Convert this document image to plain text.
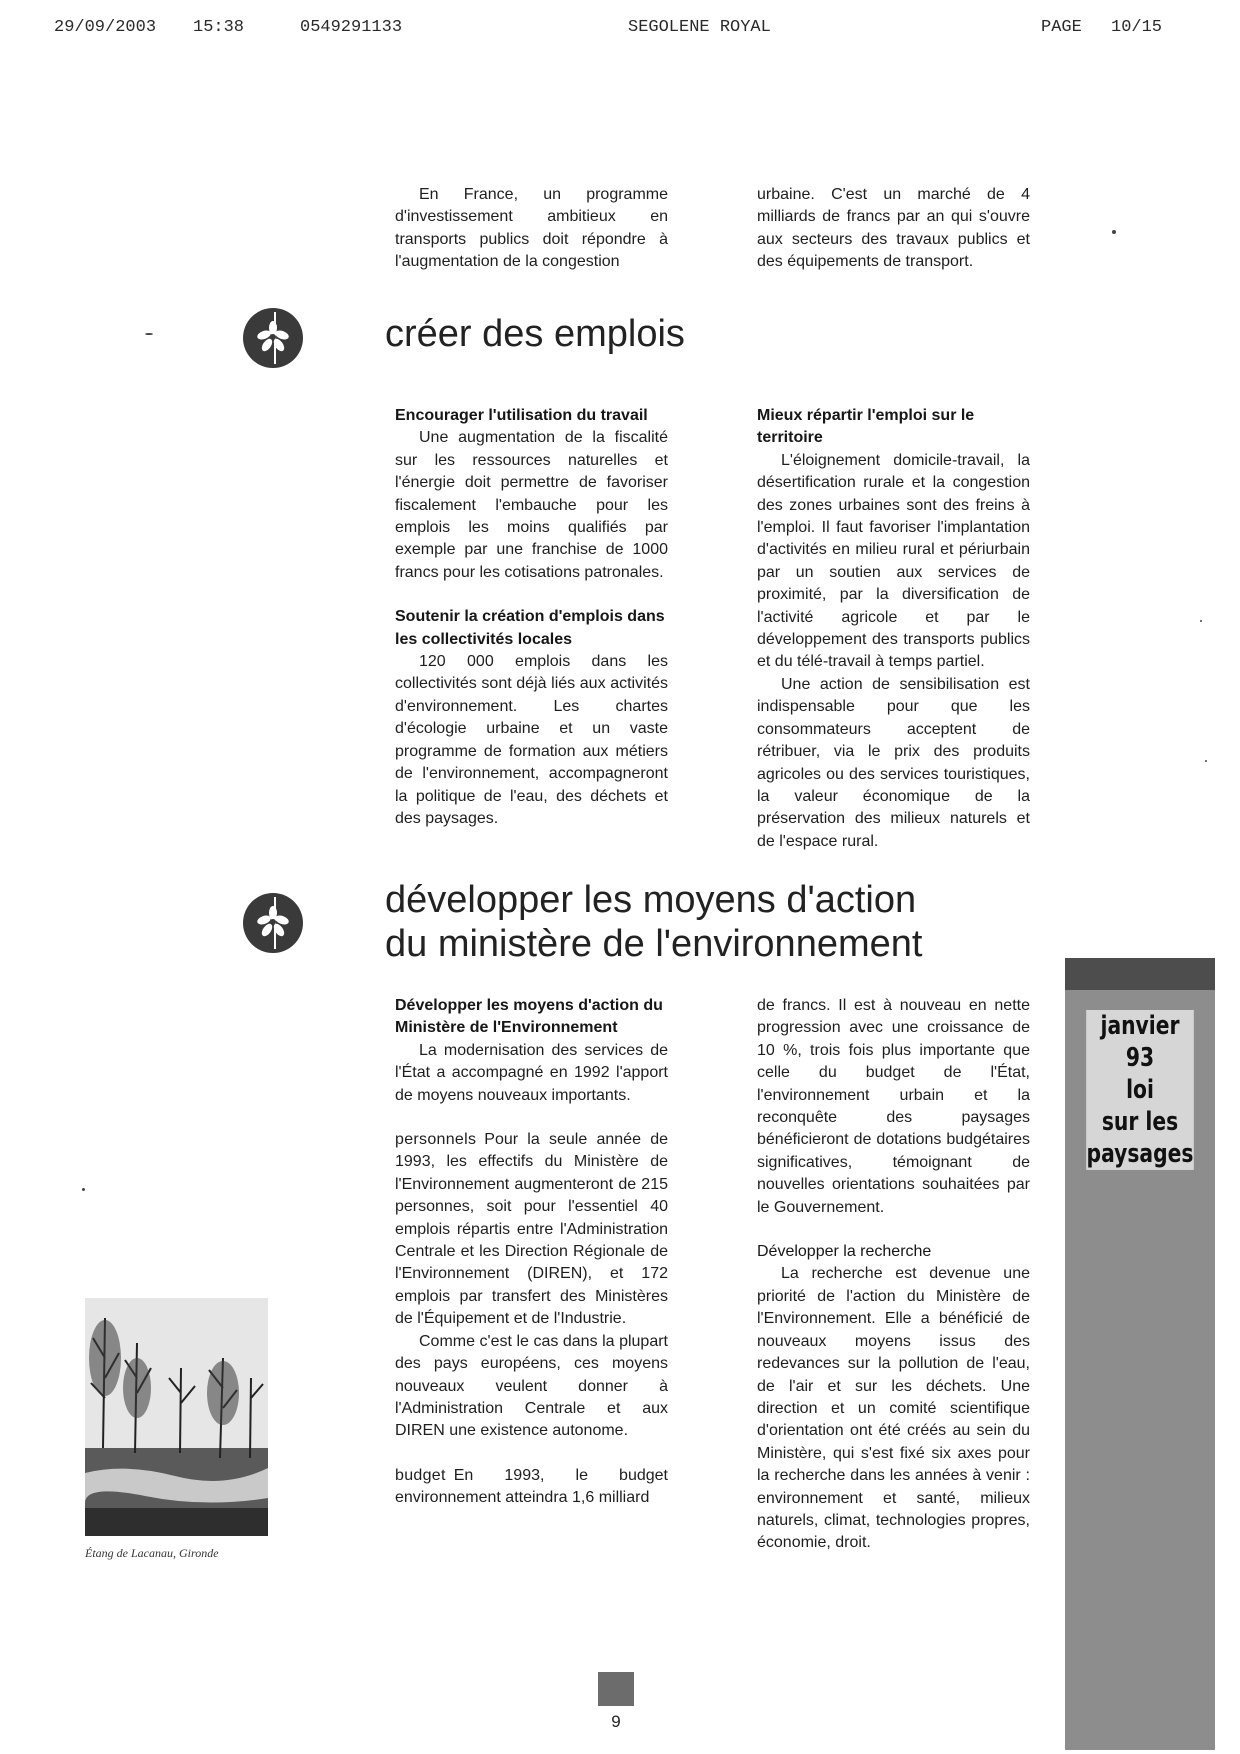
29/09/2003 15:38	0549291133	SEGOLENE ROYAL	PAGE 10/15

En France, un programme d'investissement ambitieux en transports publics doit répondre à l'augmentation de la congestion

urbaine. C'est un marché de 4 milliards de francs par an qui s'ouvre aux secteurs des travaux publics et des équipements de transport.

créer des emplois
Encourager l'utilisation du travail

Une augmentation de la fiscalité sur les ressources naturelles et l'énergie doit permettre de favoriser fiscalement l'embauche pour les emplois les moins qualifiés par exemple par une franchise de 1000 francs pour les cotisations patronales.

Soutenir la création d'emplois dans les collectivités locales

120 000 emplois dans les collectivités sont déjà liés aux activités d'environnement. Les chartes d'écologie urbaine et un vaste programme de formation aux métiers de l'environnement, accompagneront la politique de l'eau, des déchets et des paysages.

Mieux répartir l'emploi sur le territoire

L'éloignement domicile-travail, la désertification rurale et la congestion des zones urbaines sont des freins à l'emploi. Il faut favoriser l'implantation d'activités en milieu rural et périurbain par un soutien aux services de proximité, par la diversification de l'activité agricole et par le développement des transports publics et du télé-travail à temps partiel.

Une action de sensibilisation est indispensable pour que les consommateurs acceptent de rétribuer, via le prix des produits agricoles ou des services touristiques, la valeur économique de la préservation des milieux naturels et de l'espace rural.

développer les moyens d'action
du ministère de l'environnement
Développer les moyens d'action du Ministère de l'Environnement

La modernisation des services de l'État a accompagné en 1992 l'apport de moyens nouveaux importants.

personnels Pour la seule année de 1993, les effectifs du Ministère de l'Environnement augmenteront de 215 personnes, soit pour l'essentiel 40 emplois répartis entre l'Administration Centrale et les Direction Régionale de l'Environnement (DIREN), et 172 emplois par transfert des Ministères de l'Équipement et de l'Industrie.

Comme c'est le cas dans la plupart des pays européens, ces moyens nouveaux veulent donner à l'Administration Centrale et aux DIREN une existence autonome.

budget En 1993, le budget environnement atteindra 1,6 milliard

de francs. Il est à nouveau en nette progression avec une croissance de 10 %, trois fois plus importante que celle du budget de l'État, l'environnement urbain et la reconquête des paysages bénéficieront de dotations budgétaires significatives, témoignant de nouvelles orientations souhaitées par le Gouvernement.

Développer la recherche

La recherche est devenue une priorité de l'action du Ministère de l'Environnement. Elle a bénéficié de nouveaux moyens issus des redevances sur la pollution de l'eau, de l'air et sur les déchets. Une direction et un comité scientifique d'orientation ont été créés au sein du Ministère, qui s'est fixé six axes pour la recherche dans les années à venir : environnement et santé, milieux naturels, climat, technologies propres, économie, droit.

Étang de Lacanau, Gironde
janvier 93
loi
sur les
paysages
9
